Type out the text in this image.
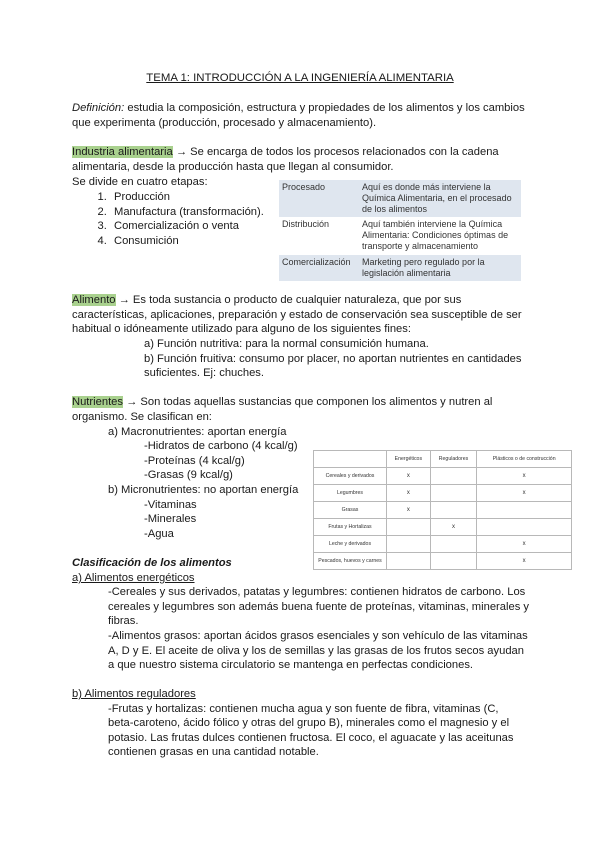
TEMA 1: INTRODUCCIÓN A LA INGENIERÍA ALIMENTARIA
Definición: estudia la composición, estructura y propiedades de los alimentos y los cambios
que experimenta (producción, procesado y almacenamiento).
Industria alimentaria → Se encarga de todos los procesos relacionados con la cadena
alimentaria, desde la producción hasta que llegan al consumidor.
Se divide en cuatro etapas:
1. Producción
2. Manufactura (transformación).
3. Comercialización o venta
4. Consumición
Procesado	Aquí es donde más interviene la Química Alimentaria, en el procesado de los alimentos
Distribución	Aquí también interviene la Química Alimentaria: Condiciones óptimas de transporte y almacenamiento
Comercialización	Marketing pero regulado por la legislación alimentaria
Alimento → Es toda sustancia o producto de cualquier naturaleza, que por sus
características, aplicaciones, preparación y estado de conservación sea susceptible de ser
habitual o idóneamente utilizado para alguno de los siguientes fines:
a) Función nutritiva: para la normal consumición humana.
b) Función fruitiva: consumo por placer, no aportan nutrientes en cantidades
suficientes. Ej: chuches.
Nutrientes → Son todas aquellas sustancias que componen los alimentos y nutren al
organismo. Se clasifican en:
a) Macronutrientes: aportan energía
-Hidratos de carbono (4 kcal/g)
-Proteínas (4 kcal/g)
-Grasas (9 kcal/g)
b) Micronutrientes: no aportan energía
-Vitaminas
-Minerales
-Agua
	Energéticos	Reguladores	Plásticos o de construcción
Cereales y derivados	x		x
Legumbres	x		x
Grasas	x		
Frutas y Hortalizas		x	
Leche y derivados			x
Pescados, huevos y carnes			x
Clasificación de los alimentos
a) Alimentos energéticos
-Cereales y sus derivados, patatas y legumbres: contienen hidratos de carbono. Los
cereales y legumbres son además buena fuente de proteínas, vitaminas, minerales y
fibras.
-Alimentos grasos: aportan ácidos grasos esenciales y son vehículo de las vitaminas
A, D y E. El aceite de oliva y los de semillas y las grasas de los frutos secos ayudan
a que nuestro sistema circulatorio se mantenga en perfectas condiciones.
b) Alimentos reguladores
-Frutas y hortalizas: contienen mucha agua y son fuente de fibra, vitaminas (C,
beta-caroteno, ácido fólico y otras del grupo B), minerales como el magnesio y el
potasio. Las frutas dulces contienen fructosa. El coco, el aguacate y las aceitunas
contienen grasas en una cantidad notable.
